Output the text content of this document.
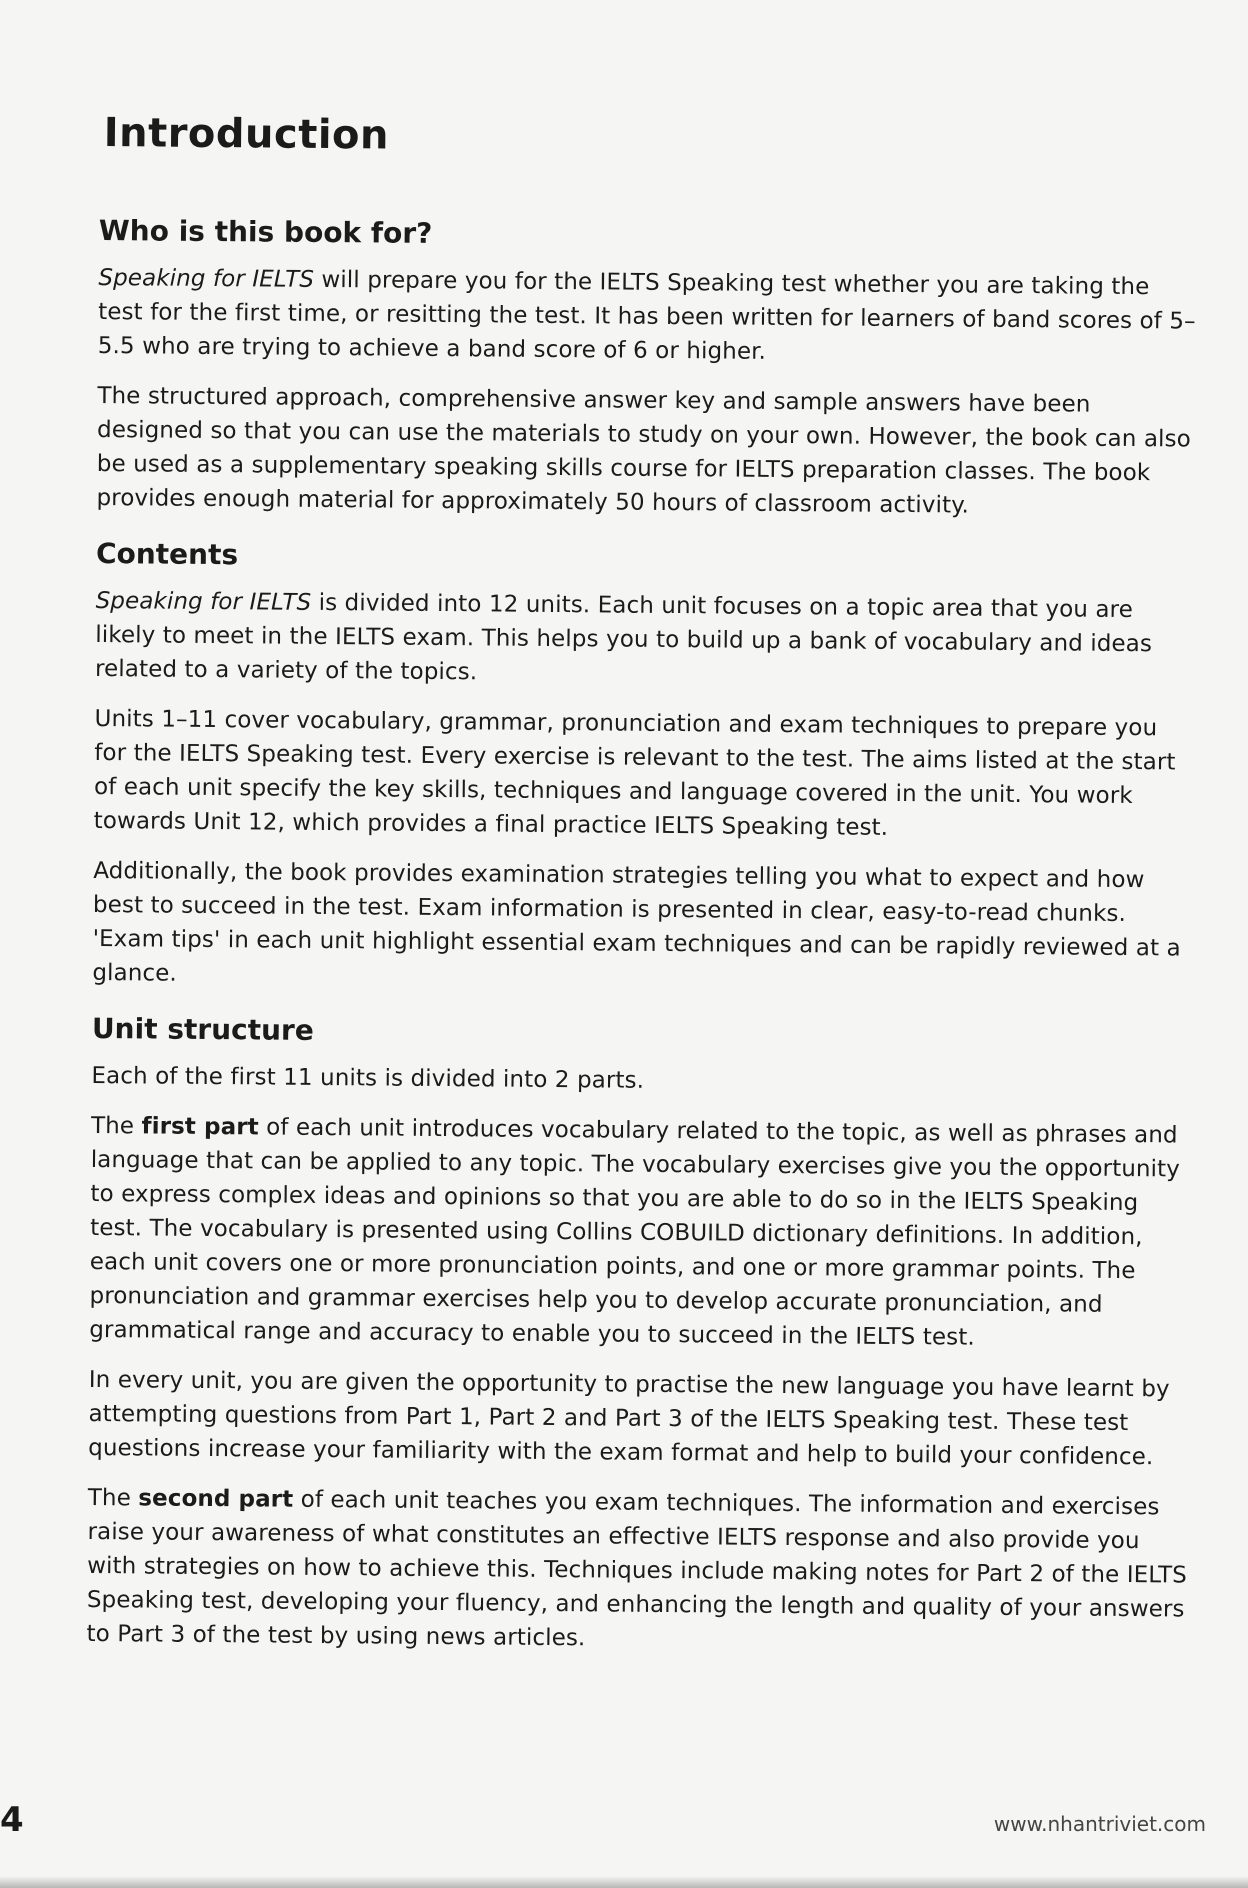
Introduction
Who is this book for?

Speaking for IELTS will prepare you for the IELTS Speaking test whether you are taking the test for the first time, or resitting the test. It has been written for learners of band scores of 5–5.5 who are trying to achieve a band score of 6 or higher.

The structured approach, comprehensive answer key and sample answers have been designed so that you can use the materials to study on your own. However, the book can also be used as a supplementary speaking skills course for IELTS preparation classes. The book provides enough material for approximately 50 hours of classroom activity.

Contents

Speaking for IELTS is divided into 12 units. Each unit focuses on a topic area that you are likely to meet in the IELTS exam. This helps you to build up a bank of vocabulary and ideas related to a variety of the topics.

Units 1–11 cover vocabulary, grammar, pronunciation and exam techniques to prepare you for the IELTS Speaking test. Every exercise is relevant to the test. The aims listed at the start of each unit specify the key skills, techniques and language covered in the unit. You work towards Unit 12, which provides a final practice IELTS Speaking test.

Additionally, the book provides examination strategies telling you what to expect and how best to succeed in the test. Exam information is presented in clear, easy-to-read chunks. 'Exam tips' in each unit highlight essential exam techniques and can be rapidly reviewed at a glance.

Unit structure

Each of the first 11 units is divided into 2 parts.

The first part of each unit introduces vocabulary related to the topic, as well as phrases and language that can be applied to any topic. The vocabulary exercises give you the opportunity to express complex ideas and opinions so that you are able to do so in the IELTS Speaking test. The vocabulary is presented using Collins COBUILD dictionary definitions. In addition, each unit covers one or more pronunciation points, and one or more grammar points. The pronunciation and grammar exercises help you to develop accurate pronunciation, and grammatical range and accuracy to enable you to succeed in the IELTS test.

In every unit, you are given the opportunity to practise the new language you have learnt by attempting questions from Part 1, Part 2 and Part 3 of the IELTS Speaking test. These test questions increase your familiarity with the exam format and help to build your confidence.

The second part of each unit teaches you exam techniques. The information and exercises raise your awareness of what constitutes an effective IELTS response and also provide you with strategies on how to achieve this. Techniques include making notes for Part 2 of the IELTS Speaking test, developing your fluency, and enhancing the length and quality of your answers to Part 3 of the test by using news articles.

4	www.nhantriviet.com
